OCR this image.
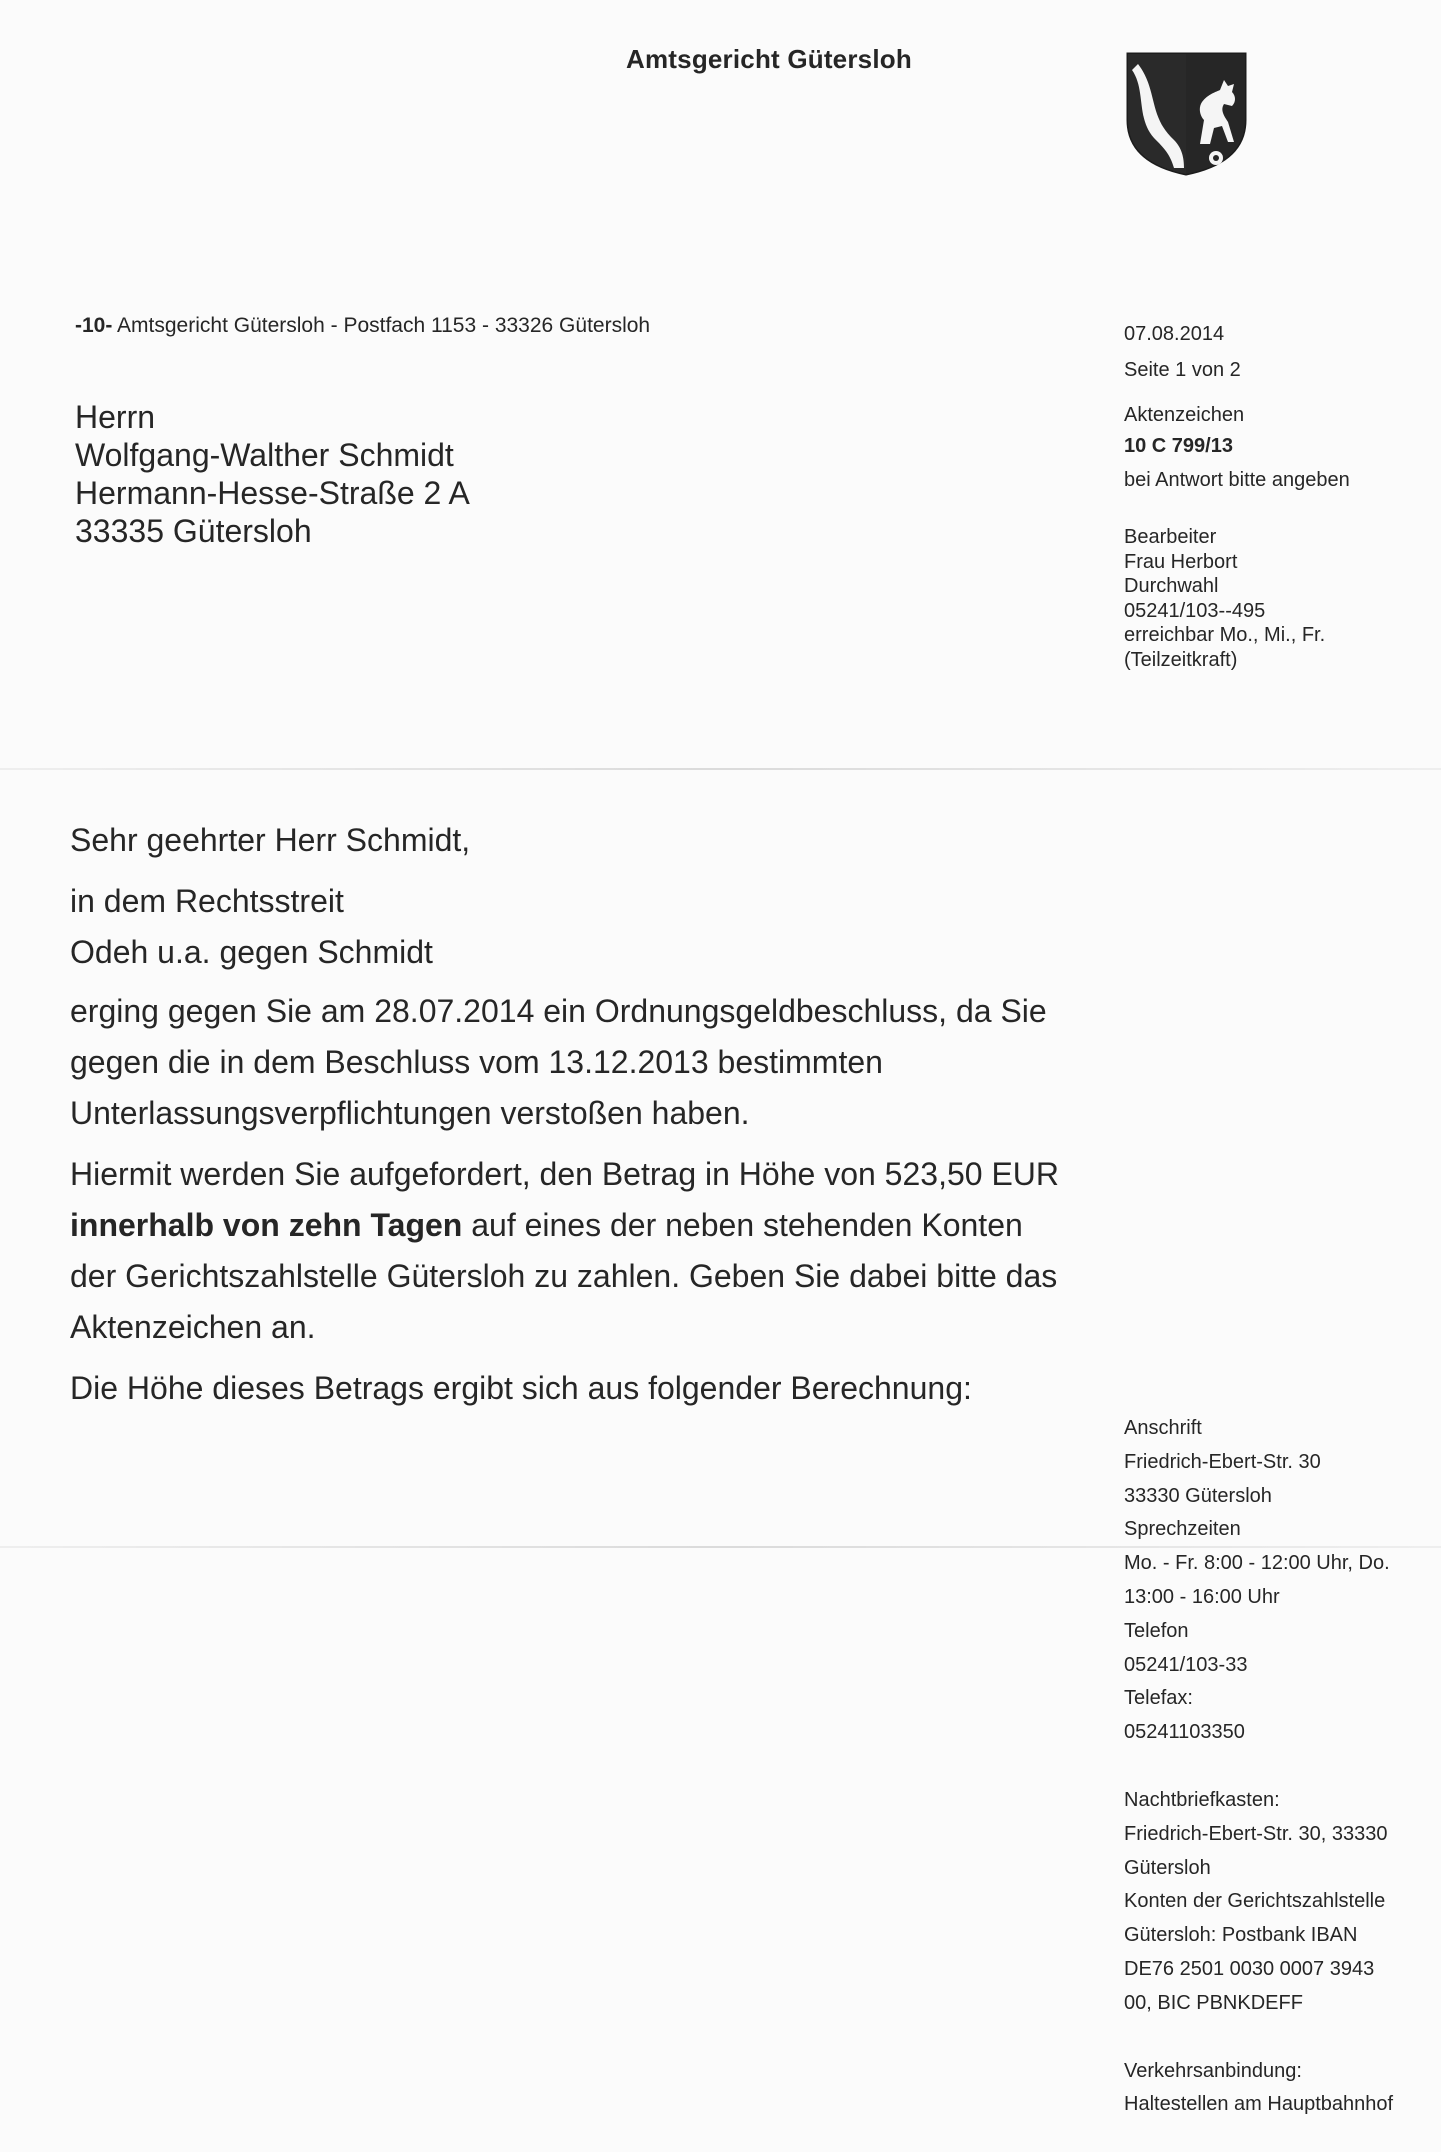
Amtsgericht Gütersloh
-10- Amtsgericht Gütersloh - Postfach 1153 - 33326 Gütersloh
Herrn
Wolfgang-Walther Schmidt
Hermann-Hesse-Straße 2 A
33335 Gütersloh
07.08.2014
Seite 1 von 2
Aktenzeichen
10 C 799/13
bei Antwort bitte angeben
Bearbeiter
Frau Herbort
Durchwahl
05241/103--495
erreichbar Mo., Mi., Fr.
(Teilzeitkraft)

Sehr geehrter Herr Schmidt,

in dem Rechtsstreit

Odeh u.a. gegen Schmidt

erging gegen Sie am 28.07.2014 ein Ordnungsgeldbeschluss, da Sie

gegen die in dem Beschluss vom 13.12.2013 bestimmten

Unterlassungsverpflichtungen verstoßen haben.

Hiermit werden Sie aufgefordert, den Betrag in Höhe von 523,50 EUR

innerhalb von zehn Tagen auf eines der neben stehenden Konten

der Gerichtszahlstelle Gütersloh zu zahlen. Geben Sie dabei bitte das

Aktenzeichen an.

Die Höhe dieses Betrags ergibt sich aus folgender Berechnung:

Anschrift
Friedrich-Ebert-Str. 30
33330 Gütersloh
Sprechzeiten
Mo. - Fr. 8:00 - 12:00 Uhr, Do.
13:00 - 16:00 Uhr
Telefon
05241/103-33
Telefax:
05241103350
Nachtbriefkasten:
Friedrich-Ebert-Str. 30, 33330
Gütersloh
Konten der Gerichtszahlstelle
Gütersloh: Postbank IBAN
DE76 2501 0030 0007 3943
00, BIC PBNKDEFF
Verkehrsanbindung:
Haltestellen am Hauptbahnhof
